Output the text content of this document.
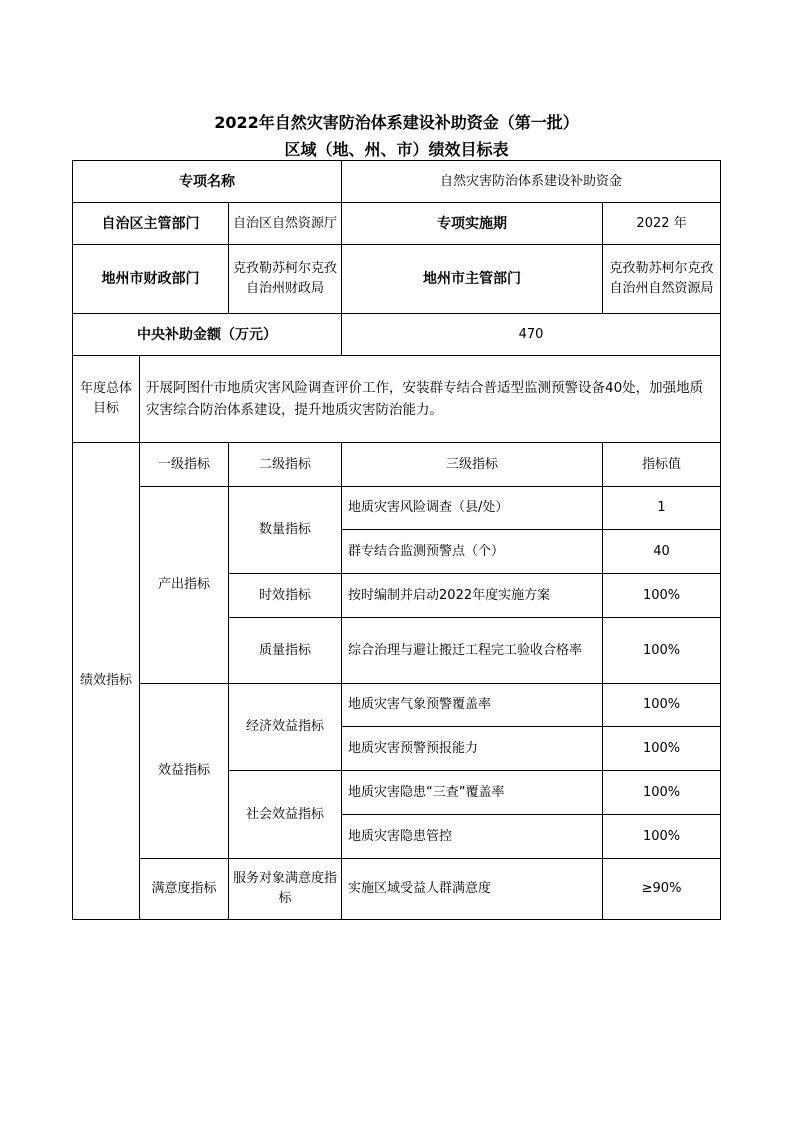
2022年自然灾害防治体系建设补助资金（第一批）
区域（地、州、市）绩效目标表
专项名称			自然灾害防治体系建设补助资金	
自治区主管部门		自治区自然资源厅	专项实施期	2022 年
地州市财政部门		克孜勒苏柯尔克孜自治州财政局	地州市主管部门	克孜勒苏柯尔克孜自治州自然资源局
中央补助金额（万元）			470	
年度总体目标	开展阿图什市地质灾害风险调查评价工作，安装群专结合普适型监测预警设备40处，加强地质灾害综合防治体系建设，提升地质灾害防治能力。			
绩效指标	一级指标	二级指标	三级指标	指标值
	产出指标	数量指标	地质灾害风险调查（县/处）	1
			群专结合监测预警点（个）	40
		时效指标	按时编制并启动2022年度实施方案	100%
		质量指标	综合治理与避让搬迁工程完工验收合格率	100%
	效益指标	经济效益指标	地质灾害气象预警覆盖率	100%
			地质灾害预警预报能力	100%
		社会效益指标	地质灾害隐患“三查”覆盖率	100%
			地质灾害隐患管控	100%
	满意度指标	服务对象满意度指标	实施区域受益人群满意度	≥90%
